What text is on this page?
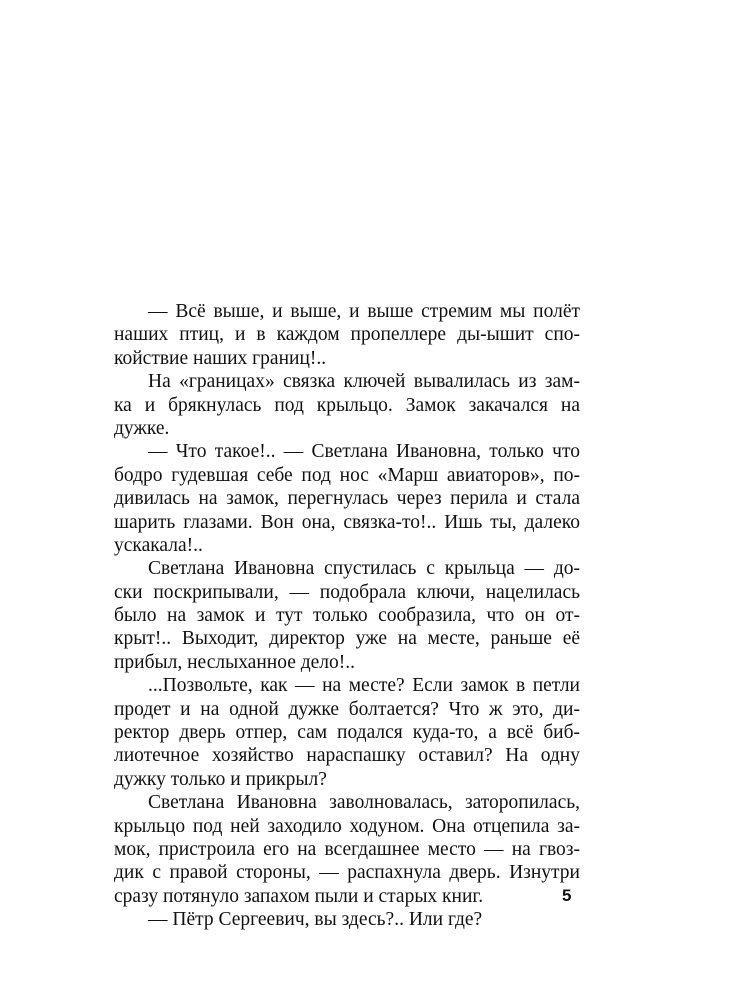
— Всё выше, и выше, и выше стремим мы полёт
наших птиц, и в каждом пропеллере ды-ышит спо-
койствие наших границ!..
На «границах» связка ключей вывалилась из зам-
ка и брякнулась под крыльцо. Замок закачался на
дужке.
— Что такое!.. — Светлана Ивановна, только что
бодро гудевшая себе под нос «Марш авиаторов», по-
дивилась на замок, перегнулась через перила и стала
шарить глазами. Вон она, связка-то!.. Ишь ты, далеко
ускакала!..
Светлана Ивановна спустилась с крыльца — до-
ски поскрипывали, — подобрала ключи, нацелилась
было на замок и тут только сообразила, что он от-
крыт!.. Выходит, директор уже на месте, раньше её
прибыл, неслыханное дело!..
...Позвольте, как — на месте? Если замок в петли
продет и на одной дужке болтается? Что ж это, ди-
ректор дверь отпер, сам подался куда-то, а всё биб-
лиотечное хозяйство нараспашку оставил? На одну
дужку только и прикрыл?
Светлана Ивановна заволновалась, заторопилась,
крыльцо под ней заходило ходуном. Она отцепила за-
мок, пристроила его на всегдашнее место — на гвоз-
дик с правой стороны, — распахнула дверь. Изнутри
сразу потянуло запахом пыли и старых книг.
— Пётр Сергеевич, вы здесь?.. Или где?
5
